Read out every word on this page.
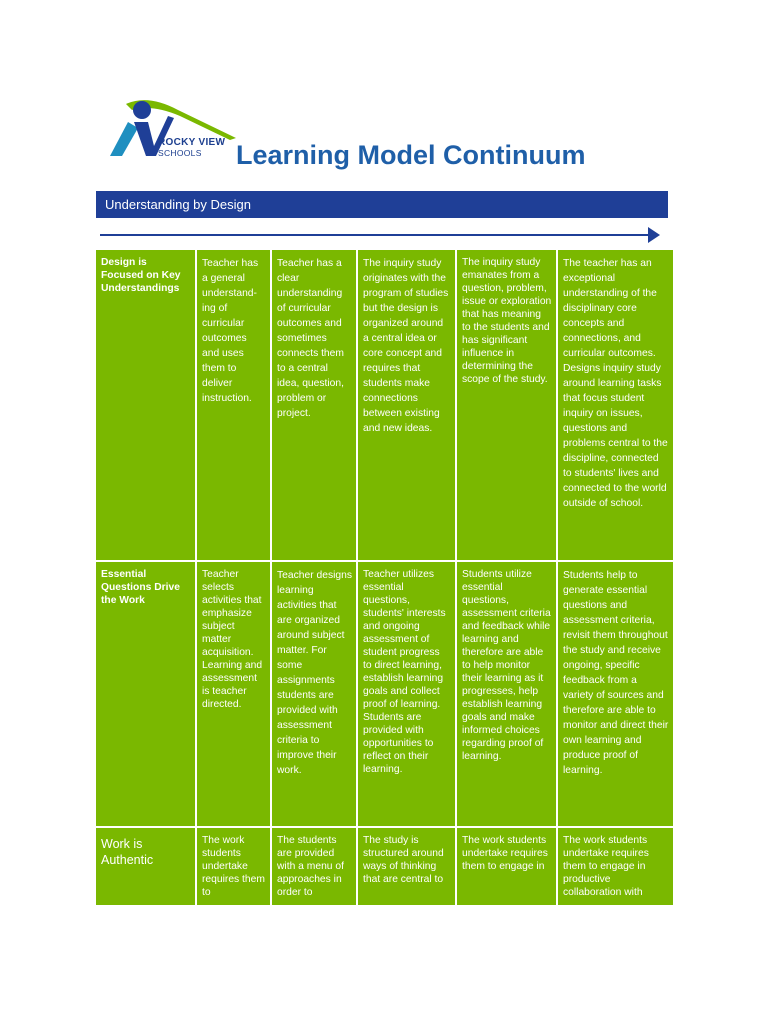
ROCKY VIEW
SCHOOLS Learning Model Continuum
Understanding by Design
Design is Focused on Key Understandings
Teacher has a general understand-ing of curricular outcomes and uses them to deliver instruction.
Teacher has a clear understanding of curricular outcomes and sometimes connects them to a central idea, question, problem or project.
The inquiry study originates with the program of studies but the design is organized around a central idea or core concept and requires that students make connections between existing and new ideas.
The inquiry study emanates from a question, problem, issue or exploration that has meaning to the students and has significant influence in determining the scope of the study.
The teacher has an exceptional understanding of the disciplinary core concepts and connections, and curricular outcomes. Designs inquiry study around learning tasks that focus student inquiry on issues, questions and problems central to the discipline, connected to students' lives and connected to the world outside of school.
Essential Questions Drive the Work
Teacher selects activities that emphasize subject matter acquisition. Learning and assessment is teacher directed.
Teacher designs learning activities that are organized around subject matter. For some assignments students are provided with assessment criteria to improve their work.
Teacher utilizes essential questions, students' interests and ongoing assessment of student progress to direct learning, establish learning goals and collect proof of learning. Students are provided with opportunities to reflect on their learning.
Students utilize essential questions, assessment criteria and feedback while learning and therefore are able to help monitor their learning as it progresses, help establish learning goals and make informed choices regarding proof of learning.
Students help to generate essential questions and assessment criteria, revisit them throughout the study and receive ongoing, specific feedback from a variety of sources and therefore are able to monitor and direct their own learning and produce proof of learning.
Work is Authentic
The work students undertake requires them to
The students are provided with a menu of approaches in order to
The study is structured around ways of thinking that are central to
The work students undertake requires them to engage in
The work students undertake requires them to engage in productive collaboration with
